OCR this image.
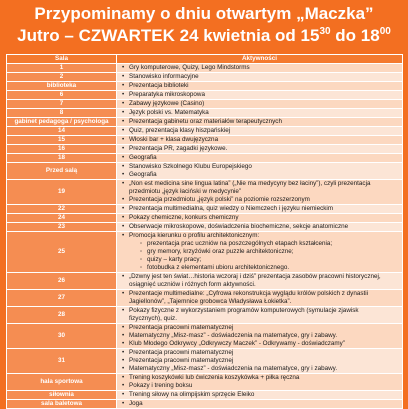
Przypominamy o dniu otwartym „Maczka”
Jutro – CZWARTEK 24 kwietnia od $15^{30}$ do $18^{00}$
Sala	Aktywności
1	• Gry komputerowe, Quizy, Lego Mindstorms

2	• Stanowisko informacyjne

biblioteka	• Prezentacja biblioteki

6	• Preparatyka mikroskopowa

7	• Zabawy językowe (Casino)

8	• Język polski vs. Matematyka

gabinet pedagoga / psychologa	• Prezentacja gabinetu oraz materiałów terapeutycznych

14	• Quiz, prezentacja klasy hiszpańskiej

15	• Włoski bar + klasa dwujęzyczna

16	• Prezentacja PR, zagadki językowe.

18	• Geografia

Przed salą	• Stanowisko Szkolnego Klubu Europejskiego
• Geografia

19	• „Non est medicina sine lingua latina” („Nie ma medycyny bez łaciny”), czyli prezentacja
przedmiotu „język łaciński w medycynie”
• Prezentacja przedmiotu „język polski” na poziomie rozszerzonym

22	• Prezentacja multimedialna, quiz wiedzy o Niemczech i języku niemieckim

24	• Pokazy chemiczne, konkurs chemiczny

23	• Obserwacje mikroskopowe, doświadczenia biochemiczne, sekcje anatomiczne

25	• Promocja kierunku o profilu architektonicznym:
◦ prezentacja prac uczniów na poszczególnych etapach kształcenia;
◦ gry memory, krzyżówki oraz puzzle architektoniczne;
◦ quizy – karty pracy;
◦ fotobudka z elementami ubioru architektonicznego.

26	• „Dzwny jest ten świat…historia wczoraj i dziś” prezentacja zasobów pracowni historycznej,
osiągnięć uczniów i różnych form aktywności.

27	• Prezentacje multimedialne: „Cyfrowa rekonstrukcja wyglądu królów polskich z dynastii
Jagiellonów”, „Tajemnice grobowca Władysława Łokietka”.

28	• Pokazy fizyczne z wykorzystaniem programów komputerowych (symulacje zjawisk
fizycznych), quiz.

30	• Prezentacja pracowni matematycznej
• Matematyczny „Misz-masz” - doświadczenia na matematyce, gry i zabawy.
• Klub Młodego Odkrywcy „Odkrywczy Maczek” - Odkrywamy - doświadczamy”

31	• Prezentacja pracowni matematycznej
• Prezentacja pracowni matematycznej
• Matematyczny „Misz-masz” - doświadczenia na matematyce, gry i zabawy.

hala sportowa	• Trening koszykówki lub ćwiczenia koszykówka + piłka ręczna
• Pokazy i trening boksu

siłownia	• Trening siłowy na olimpijskim sprzęcie Eleiko

sala baletowa	• Joga
